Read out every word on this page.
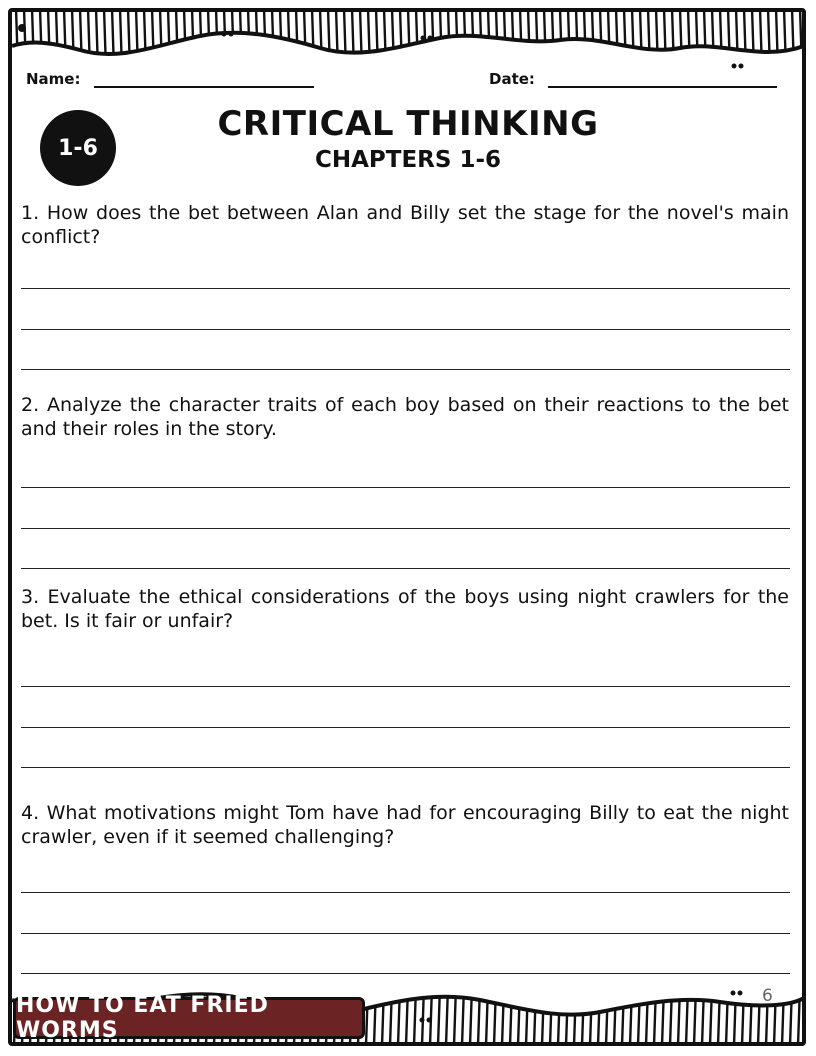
Name:	Date:
1-6
CRITICAL THINKING
CHAPTERS 1-6
1. How does the bet between Alan and Billy set the stage for the novel's main conflict?
2. Analyze the character traits of each boy based on their reactions to the bet and their roles in the story.
3. Evaluate the ethical considerations of the boys using night crawlers for the bet. Is it fair or unfair?
4. What motivations might Tom have had for encouraging Billy to eat the night crawler, even if it seemed challenging?
6
HOW TO EAT FRIED WORMS
